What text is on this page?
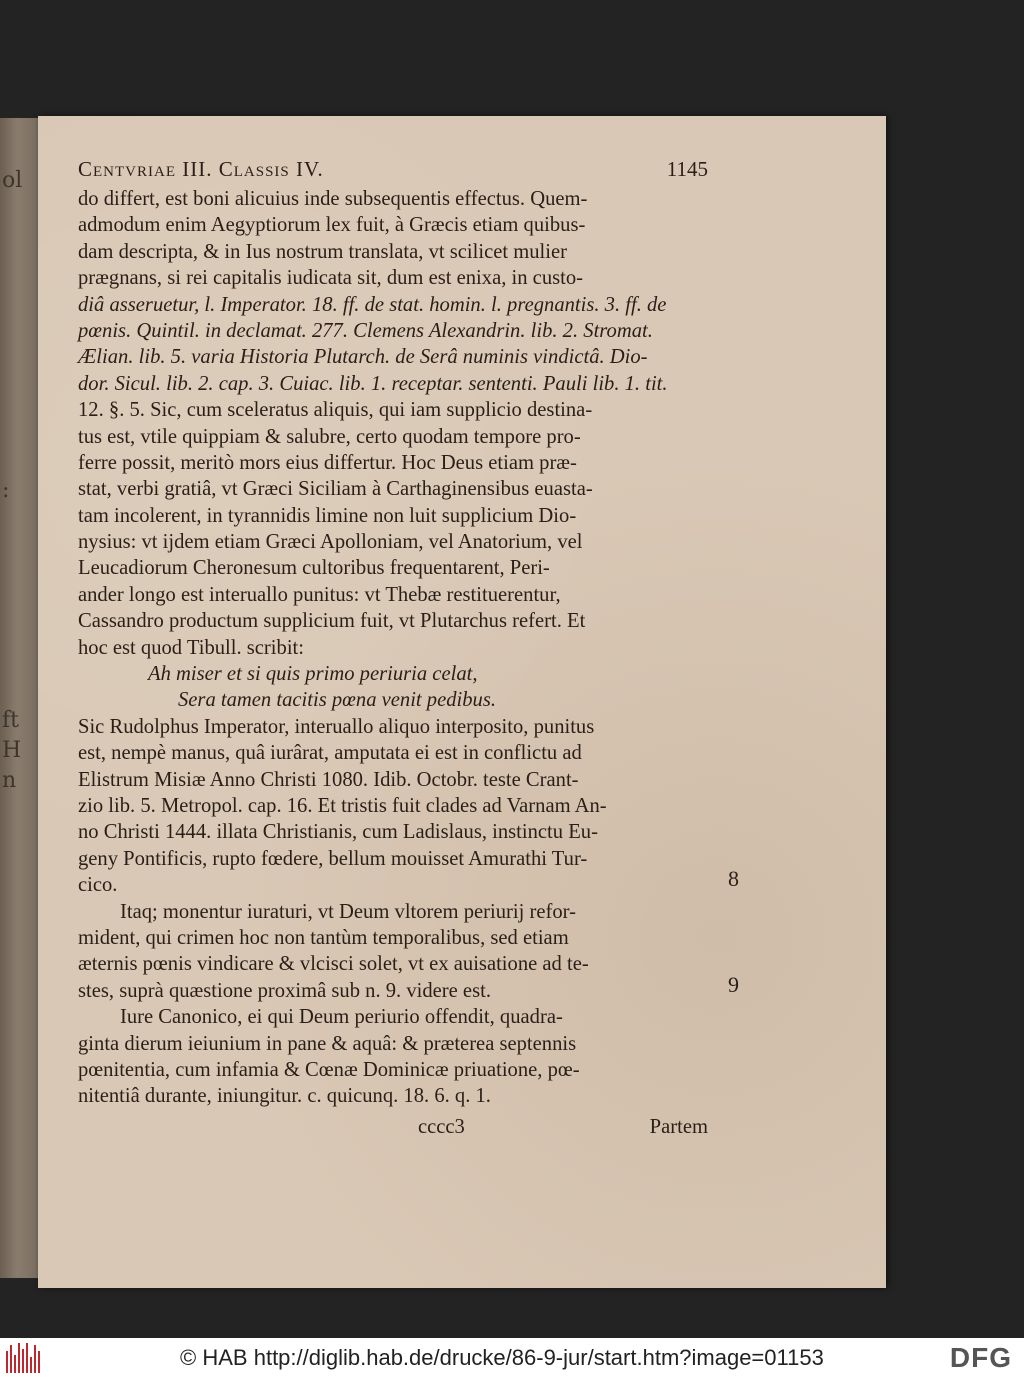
ol
:
ft
H
n
Centvriae III. Classis IV.	1145
do differt, est boni alicuius inde subsequentis effectus. Quem-
admodum enim Aegyptiorum lex fuit, à Græcis etiam quibus-
dam descripta, & in Ius nostrum translata, vt scilicet mulier
prægnans, si rei capitalis iudicata sit, dum est enixa, in custo-
diâ asseruetur, l. Imperator. 18. ff. de stat. homin. l. pregnantis. 3. ff. de
pœnis. Quintil. in declamat. 277. Clemens Alexandrin. lib. 2. Stromat.
Ælian. lib. 5. varia Historia Plutarch. de Serâ numinis vindictâ. Dio-
dor. Sicul. lib. 2. cap. 3. Cuiac. lib. 1. receptar. sententi. Pauli lib. 1. tit.
12. §. 5. Sic, cum sceleratus aliquis, qui iam supplicio destina-
tus est, vtile quippiam & salubre, certo quodam tempore pro-
ferre possit, meritò mors eius differtur. Hoc Deus etiam præ-
stat, verbi gratiâ, vt Græci Siciliam à Carthaginensibus euasta-
tam incolerent, in tyrannidis limine non luit supplicium Dio-
nysius: vt ijdem etiam Græci Apolloniam, vel Anatorium, vel
Leucadiorum Cheronesum cultoribus frequentarent, Peri-
ander longo est interuallo punitus: vt Thebæ restituerentur,
Cassandro productum supplicium fuit, vt Plutarchus refert. Et
hoc est quod Tibull. scribit:
Ah miser et si quis primo periuria celat,
Sera tamen tacitis pœna venit pedibus.
Sic Rudolphus Imperator, interuallo aliquo interposito, punitus
est, nempè manus, quâ iurârat, amputata ei est in conflictu ad
Elistrum Misiæ Anno Christi 1080. Idib. Octobr. teste Crant-
zio lib. 5. Metropol. cap. 16. Et tristis fuit clades ad Varnam An-
no Christi 1444. illata Christianis, cum Ladislaus, instinctu Eu-
geny Pontificis, rupto fœdere, bellum mouisset Amurathi Tur-
cico.
Itaq; monentur iuraturi, vt Deum vltorem periurij refor-
mident, qui crimen hoc non tantùm temporalibus, sed etiam
æternis pœnis vindicare & vlcisci solet, vt ex auisatione ad te-
stes, suprà quæstione proximâ sub n. 9. videre est.
Iure Canonico, ei qui Deum periurio offendit, quadra-
ginta dierum ieiunium in pane & aquâ: & præterea septennis
pœnitentia, cum infamia & Cœnæ Dominicæ priuatione, pœ-
nitentiâ durante, iniungitur. c. quicunq. 18. 6. q. 1.
cccc3	Partem
8
9
© HAB http://diglib.hab.de/drucke/86-9-jur/start.htm?image=01153	DFG
